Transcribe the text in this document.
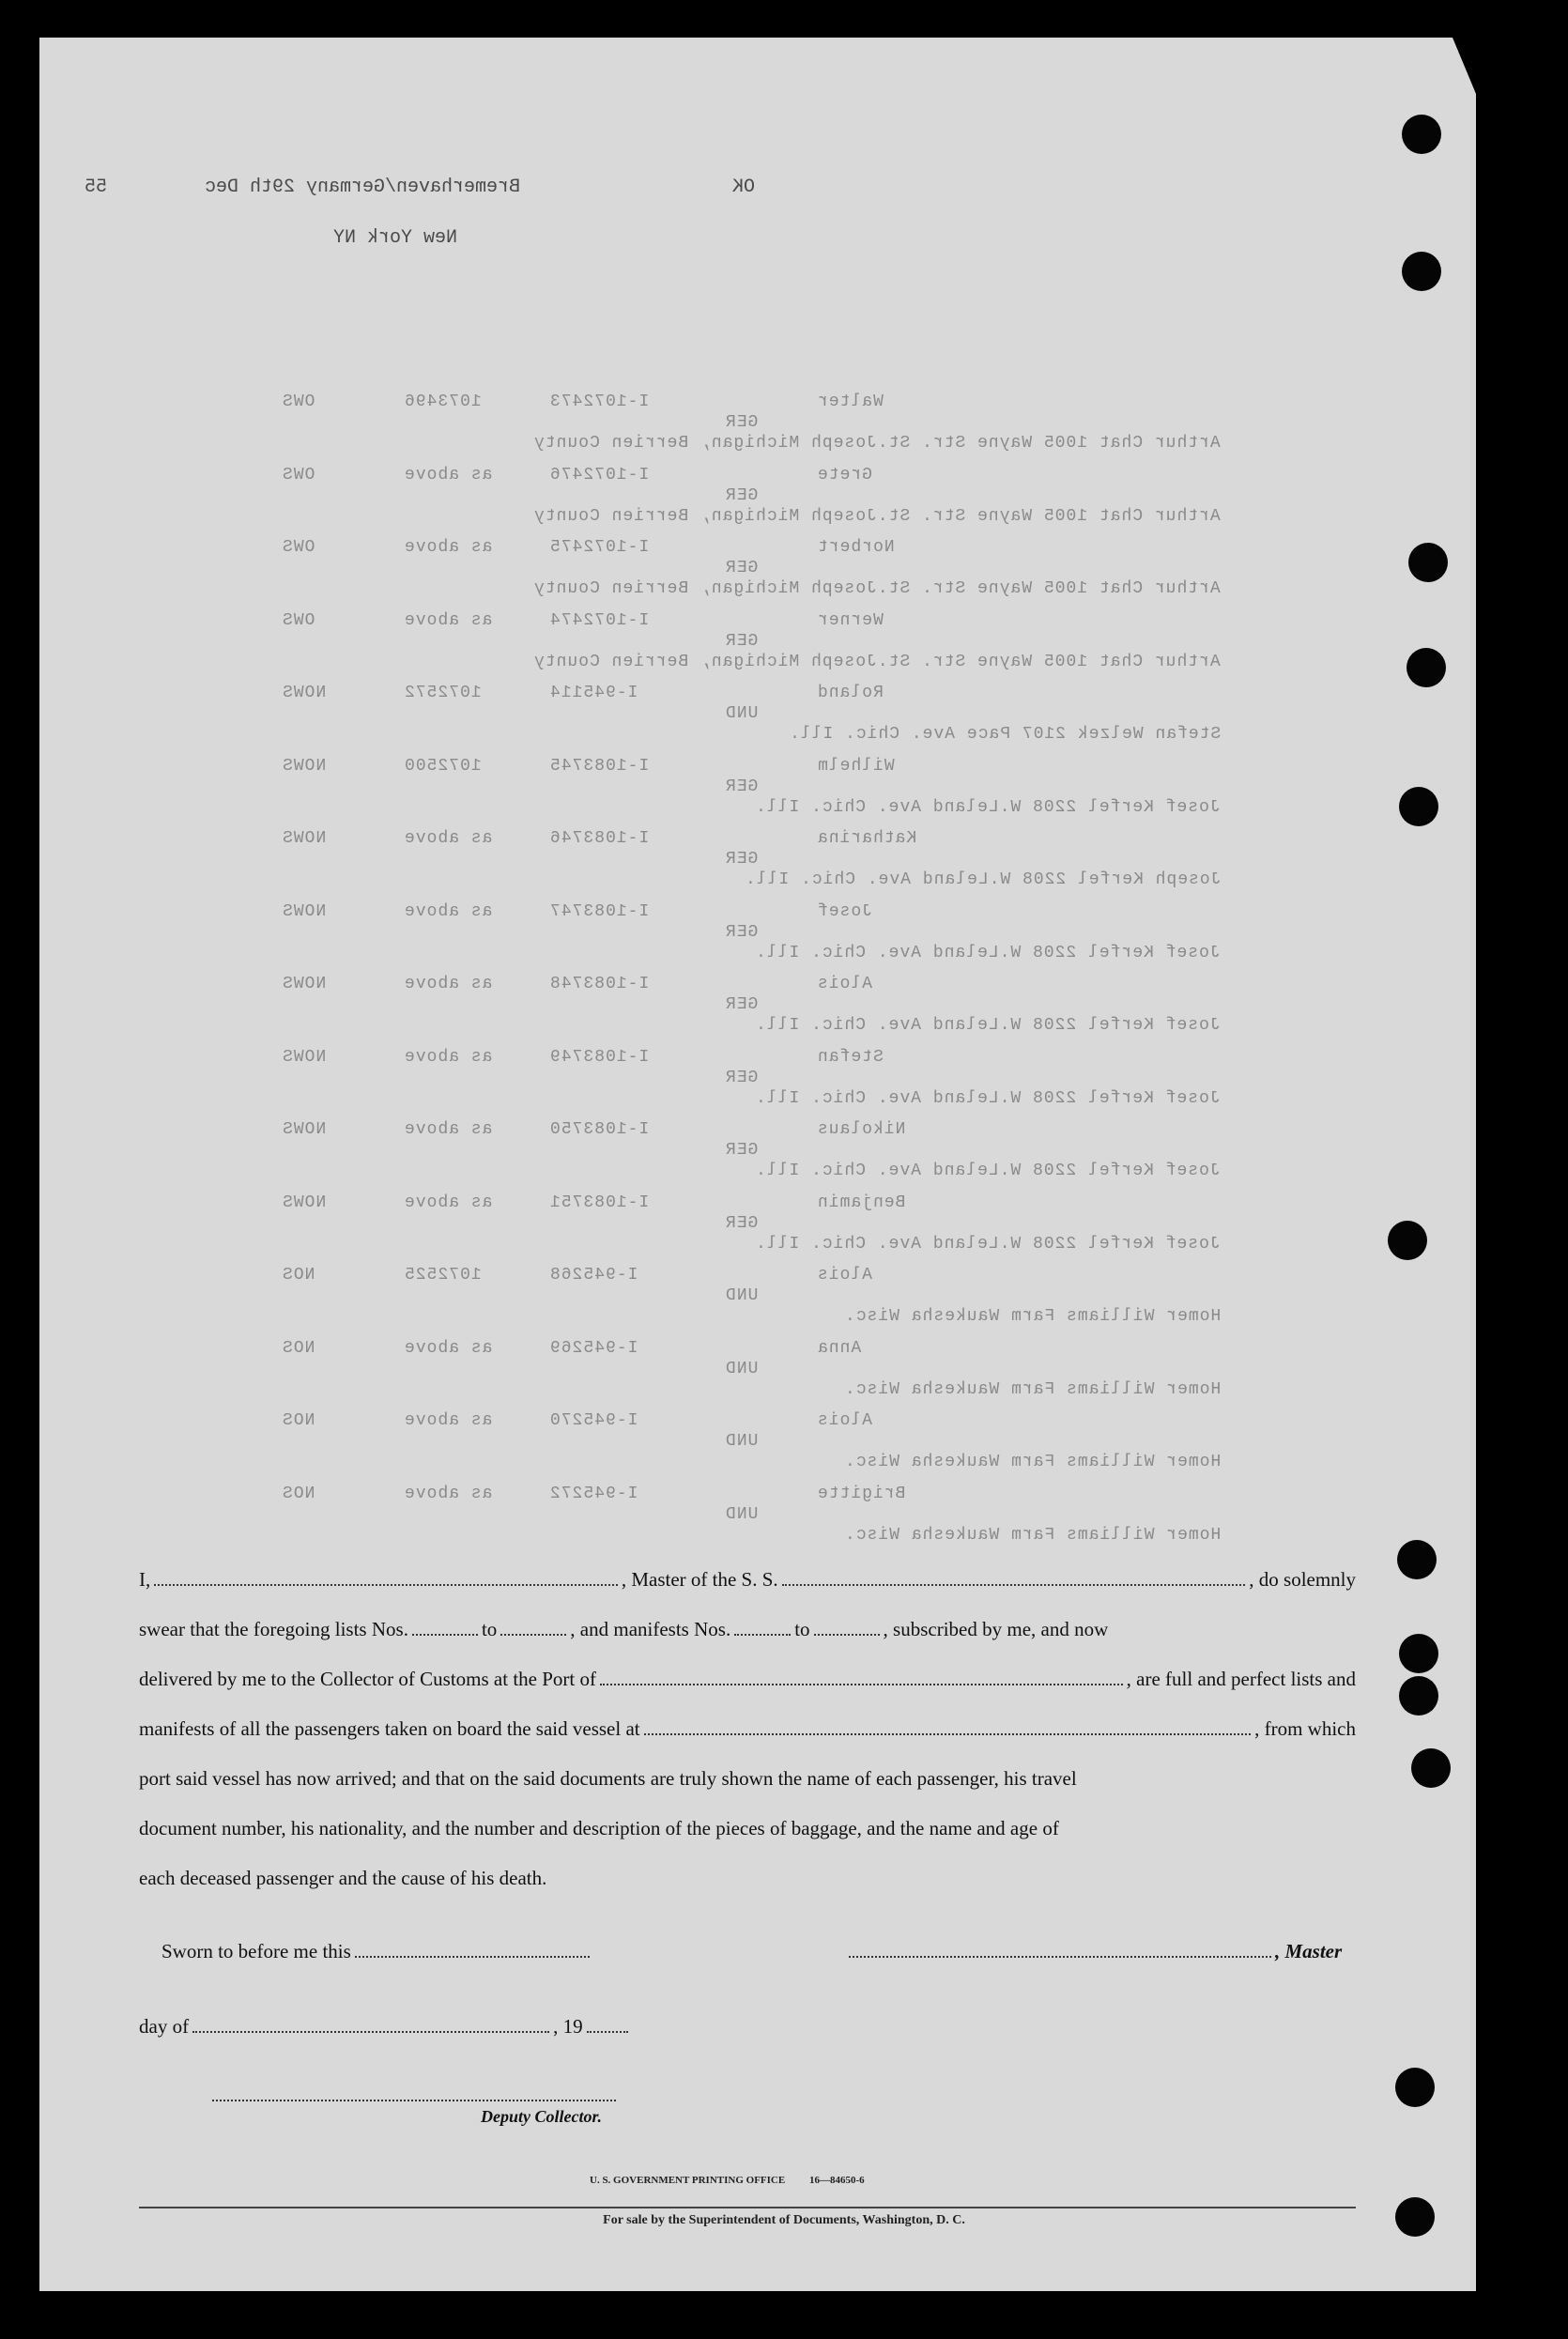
55	Bremerhaven/Germany 29th Dec
New York NY
OK
OWS	1073496	I-1072473	Walter
GER
Arthur Chat 1005 Wayne Str. St.Joseph Michigan, Berrien County
OWS	as above	I-1072476	Grete
GER
Arthur Chat 1005 Wayne Str. St.Joseph Michigan, Berrien County
OWS	as above	I-1072475	Norbert
GER
Arthur Chat 1005 Wayne Str. St.Joseph Michigan, Berrien County
OWS	as above	I-1072474	Werner
GER
Arthur Chat 1005 Wayne Str. St.Joseph Michigan, Berrien County
NOWS	1072572	I-945114	Roland
UND
Stefan Welzek 2107 Pace Ave. Chic. Ill.
NOWS	1072500	I-1083745	Wilhelm
GER
Josef Kerfel 2208 W.Leland Ave. Chic. Ill.
NOWS	as above	I-1083746	Katharina
GER
Joseph Kerfel 2208 W.Leland Ave. Chic. Ill.
NOWS	as above	I-1083747	Josef
GER
Josef Kerfel 2208 W.Leland Ave. Chic. Ill.
NOWS	as above	I-1083748	Alois
GER
Josef Kerfel 2208 W.Leland Ave. Chic. Ill.
NOWS	as above	I-1083749	Stefan
GER
Josef Kerfel 2208 W.Leland Ave. Chic. Ill.
NOWS	as above	I-1083750	Nikolaus
GER
Josef Kerfel 2208 W.Leland Ave. Chic. Ill.
NOWS	as above	I-1083751	Benjamin
GER
Josef Kerfel 2208 W.Leland Ave. Chic. Ill.
NOS	1072525	I-945268	Alois
UND
Homer Williams Farm Waukesha Wisc.
NOS	as above	I-945269	Anna
UND
Homer Williams Farm Waukesha Wisc.
NOS	as above	I-945270	Alois
UND
Homer Williams Farm Waukesha Wisc.
NOS	as above	I-945272	Brigitte
UND
Homer Williams Farm Waukesha Wisc.
I,	, Master of the S. S.	, do solemnly
swear that the foregoing lists Nos.	to	, and manifests Nos.	to	, subscribed by me, and now
delivered by me to the Collector of Customs at the Port of	, are full and perfect lists and
manifests of all the passengers taken on board the said vessel at	, from which
port said vessel has now arrived; and that on the said documents are truly shown the name of each passenger, his travel
document number, his nationality, and the number and description of the pieces of baggage, and the name and age of
each deceased passenger and the cause of his death.
Sworn to before me this	, Master
day of	, 19
Deputy Collector.
U. S. GOVERNMENT PRINTING OFFICE 16—84650-6
For sale by the Superintendent of Documents, Washington, D. C.
